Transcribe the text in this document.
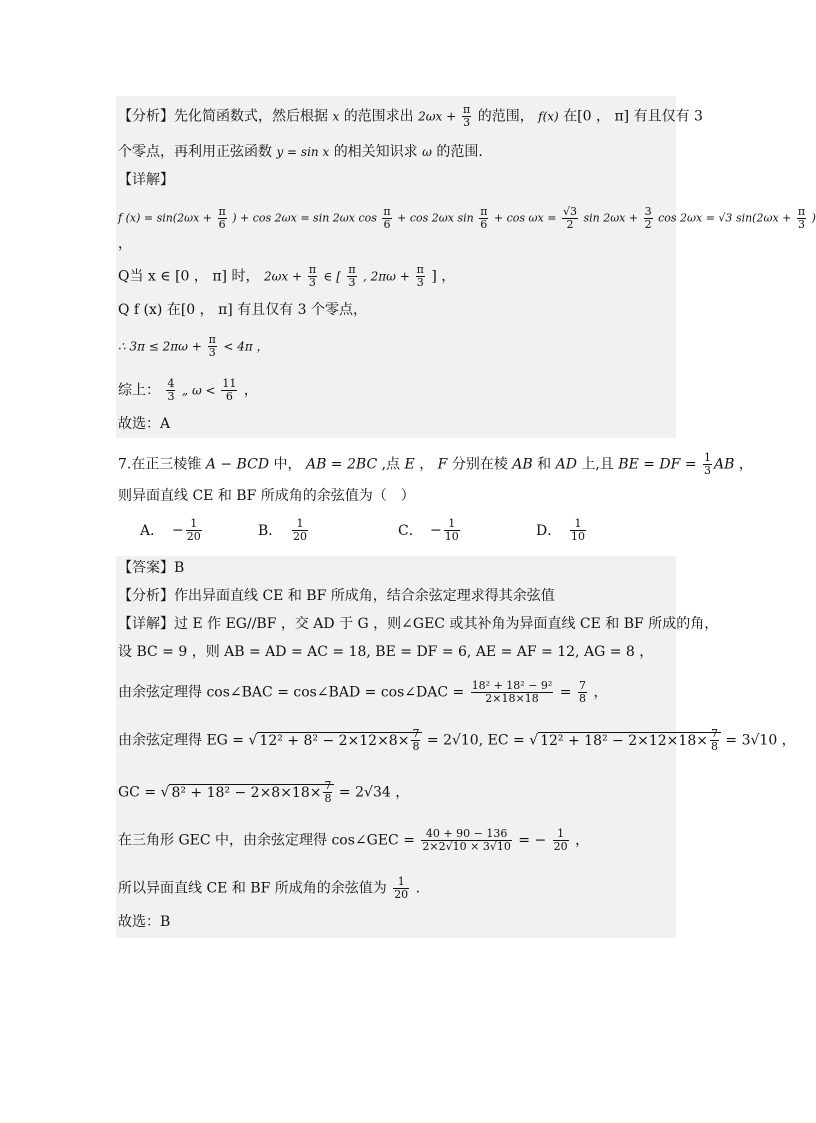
【分析】先化简函数式，然后根据 x 的范围求出 $2\omega x + \frac{\pi}{3}$ 的范围， f(x) 在[0 ， π] 有且仅有 3
个零点，再利用正弦函数 y = sin x 的相关知识求 ω 的范围.
【详解】
f $(x) = \sin(2\omega x + \frac{\pi}{6}$ ) + cos 2ωx = sin 2ωx $\cos \frac{\pi}{6} + \cos 2\omega x$ $\sin \frac{\pi}{6} + \cos \omega x = \frac{√3}{2}$ $\sin 2\omega x + \frac{3}{2}$ cos 2ωx = √3 $\sin(2\omega x + \frac{\pi}{3}$ )
，
Q当 x ∈ [0 ， π] 时， $2\omega x + \frac{\pi}{3}$ ∈ [ $\frac{\pi}{3}$ , $2\pi\omega + \frac{\pi}{3}$ ] ，
Q f (x) 在[0 ， π] 有且仅有 3 个零点，
∴ $3\pi \le 2\pi\omega + \frac{\pi}{3} < 4\pi$ ，
综上： $\frac{4}{3}$ „ $\omega < \frac{11}{6}$ ，
故选：A
7.在正三棱锥 A − BCD 中， AB = 2BC ,点 E ， F 分别在棱 AB 和 AD 上,且 BE = DF = $\frac{1}{3}$ AB ，
则异面直线 CE 和 BF 所成角的余弦值为（　）
A． − $\frac{1}{20}$	B． $\frac{1}{20}$	C． − $\frac{1}{10}$	D． $\frac{1}{10}$
【答案】B
【分析】作出异面直线 CE 和 BF 所成角，结合余弦定理求得其余弦值
【详解】过 E 作 EG//BF ，交 AD 于 G ，则∠GEC 或其补角为异面直线 CE 和 BF 所成的角，
设 BC = 9 ，则 AB = AD = AC = 18, BE = DF = 6, AE = AF = 12, AG = 8 ，
由余弦定理得 cos∠BAC = cos∠BAD = cos∠DAC = $\frac{\text{18² + 18² − 9²}}{2\times 18\times 18} = \frac{7}{8}$ ，
由余弦定理得 EG = √ $12^2 + 8^2 - 2\times 12\times 8\times \frac{7}{8} = 2√10$, EC = √ $12^2 + 18^2 - 2\times 12\times 18\times \frac{7}{8} = 3√10$ ，
GC = √ $8^2 + 18^2 - 2\times 8\times 18\times \frac{7}{8} = 2√34$ ，
在三角形 GEC 中，由余弦定理得 cos∠GEC = $\frac{40 + 90 - 136}{2\times 2√10 \times 3√10}$ = − $\frac{1}{20}$ ，
所以异面直线 CE 和 BF 所成角的余弦值为 $\frac{1}{20}$ .
故选：B
